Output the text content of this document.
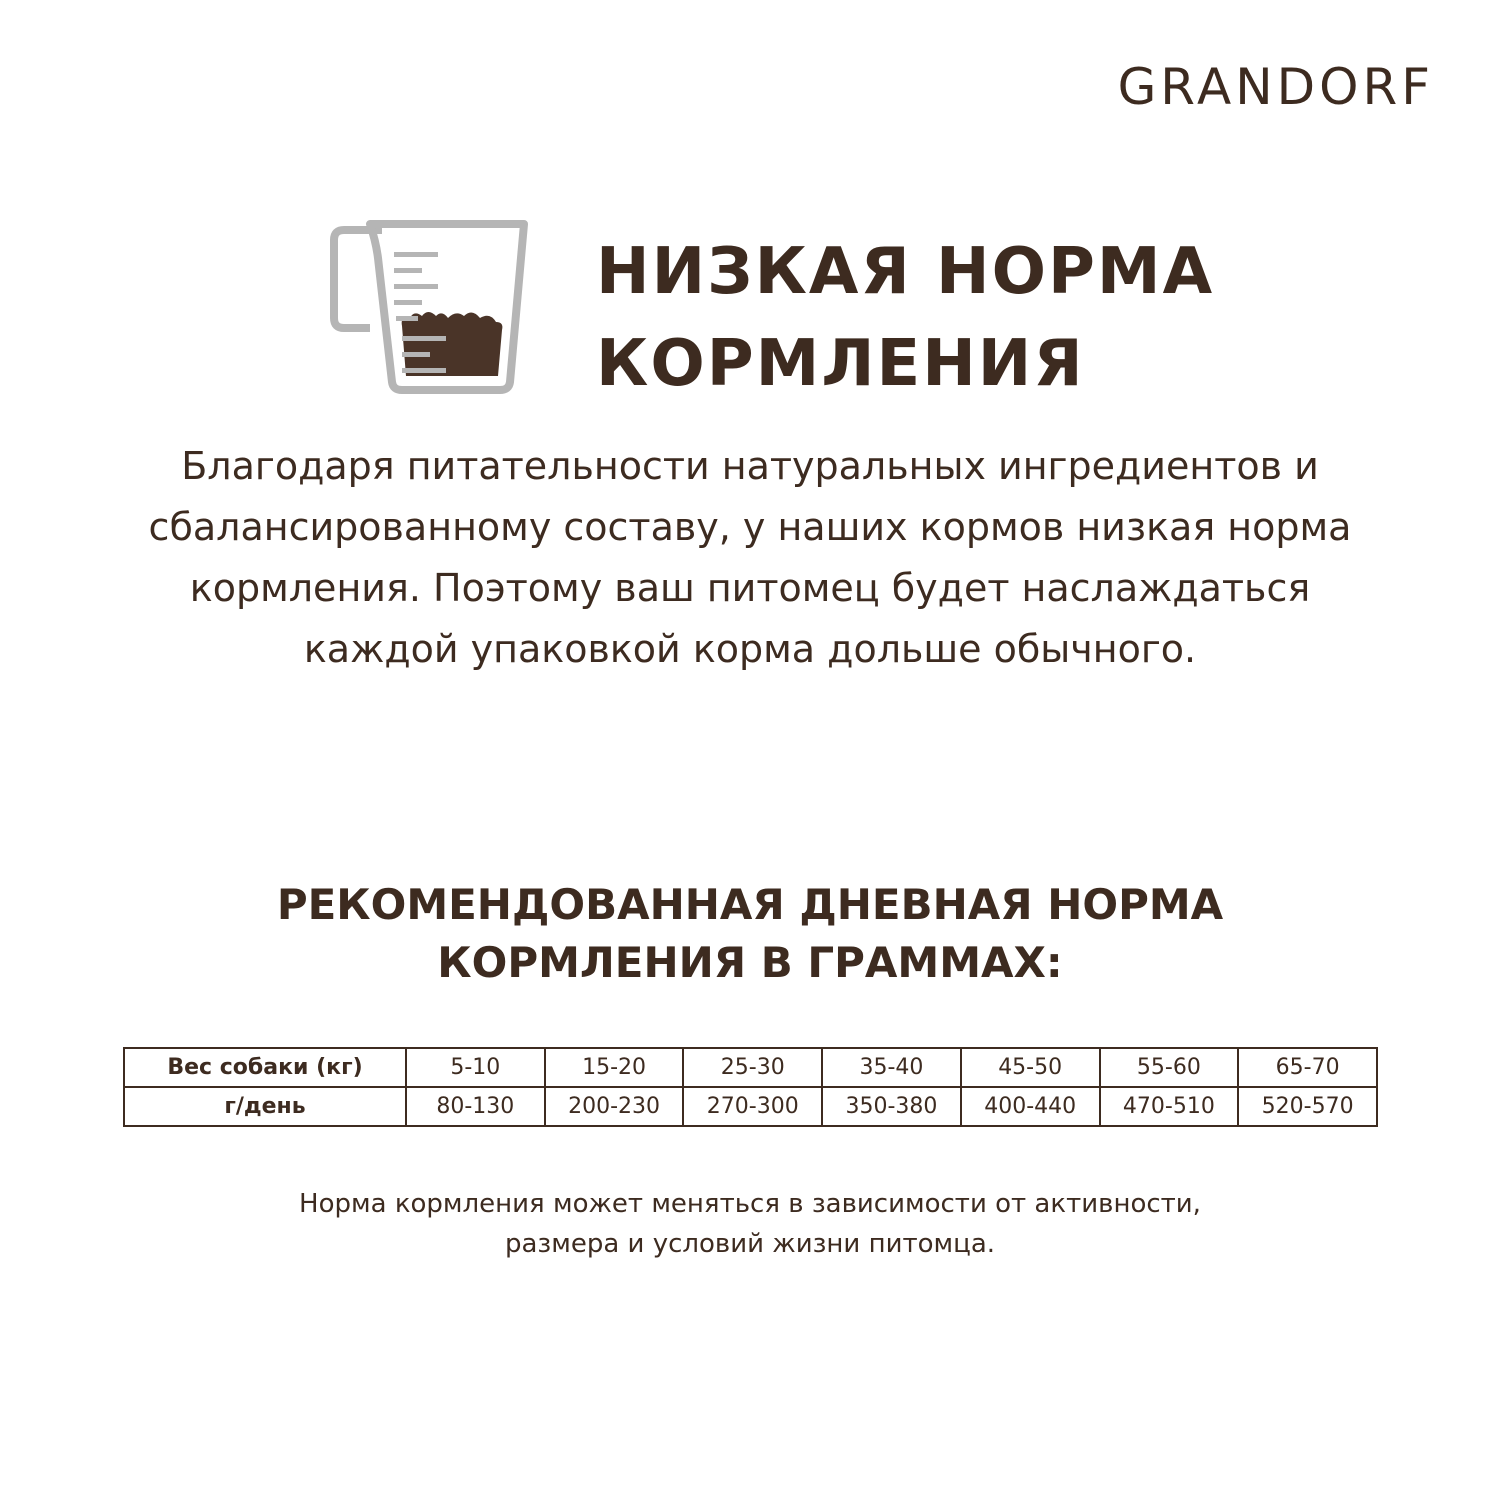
GRANDORF
НИЗКАЯ НОРМА
КОРМЛЕНИЯ
Благодаря питательности натуральных ингредиентов и
сбалансированному составу, у наших кормов низкая норма
кормления. Поэтому ваш питомец будет наслаждаться
каждой упаковкой корма дольше обычного.
РЕКОМЕНДОВАННАЯ ДНЕВНАЯ НОРМА
КОРМЛЕНИЯ В ГРАММАХ:
Вес собаки (кг)	5-10	15-20	25-30	35-40	45-50	55-60	65-70
г/день	80-130	200-230	270-300	350-380	400-440	470-510	520-570
Норма кормления может меняться в зависимости от активности,
размера и условий жизни питомца.
